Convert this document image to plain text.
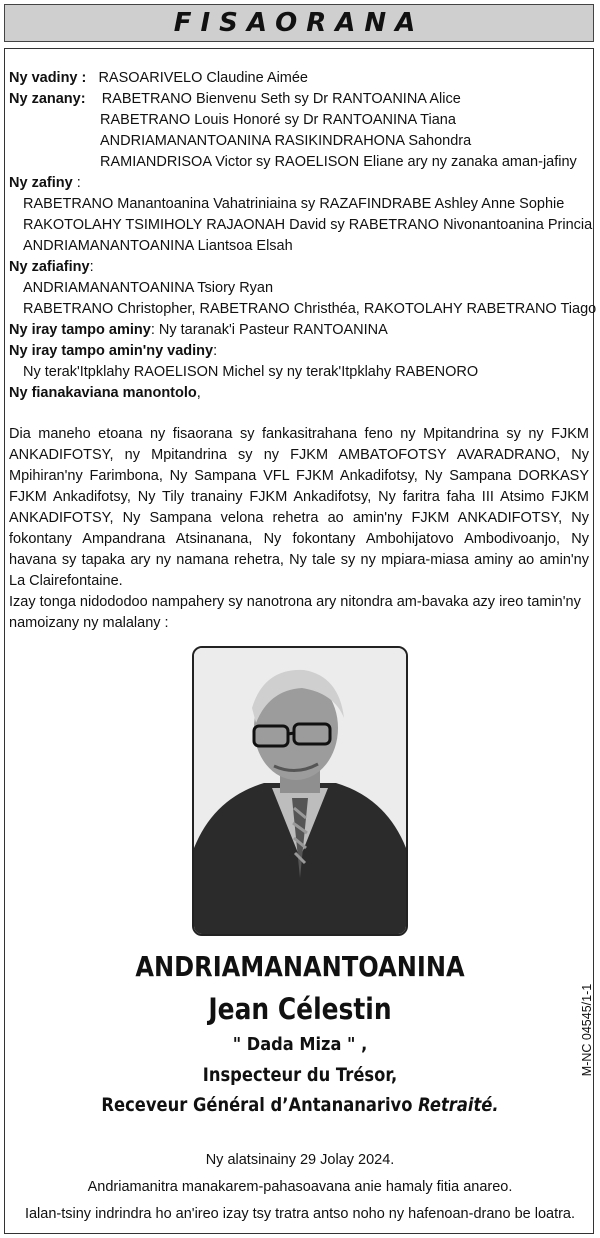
FISAORANA
Ny vadiny : RASOARIVELO Claudine Aimée
Ny zanany: RABETRANO Bienvenu Seth sy Dr RANTOANINA Alice
RABETRANO Louis Honoré sy Dr RANTOANINA Tiana
ANDRIAMANANTOANINA RASIKINDRAHONA Sahondra
RAMIANDRISOA Victor sy RAOELISON Eliane ary ny zanaka aman-jafiny
Ny zafiny :
RABETRANO Manantoanina Vahatriniaina sy RAZAFINDRABE Ashley Anne Sophie
RAKOTOLAHY TSIMIHOLY RAJAONAH David sy RABETRANO Nivonantoanina Princia
ANDRIAMANANTOANINA Liantsoa Elsah
Ny zafiafiny:
ANDRIAMANANTOANINA Tsiory Ryan
RABETRANO Christopher, RABETRANO Christhéa, RAKOTOLAHY RABETRANO Tiago
Ny iray tampo aminy: Ny taranak'i Pasteur RANTOANINA
Ny iray tampo amin'ny vadiny:
Ny terak'Itpklahy RAOELISON Michel sy ny terak'Itpklahy RABENORO
Ny fianakaviana manontolo,

Dia maneho etoana ny fisaorana sy fankasitrahana feno ny Mpitandrina sy ny FJKM ANKADIFOTSY, ny Mpitandrina sy ny FJKM AMBATOFOTSY AVARADRANO, Ny Mpihiran'ny Farimbona, Ny Sampana VFL FJKM Ankadifotsy, Ny Sampana DORKASY FJKM Ankadifotsy, Ny Tily tranainy FJKM Ankadifotsy, Ny faritra faha III Atsimo FJKM ANKADIFOTSY, Ny Sampana velona rehetra ao amin'ny FJKM ANKADIFOTSY, Ny fokontany Ampandrana Atsinanana, Ny fokontany Ambohijatovo Ambodivoanjo, Ny havana sy tapaka ary ny namana rehetra, Ny tale sy ny mpiara-miasa aminy ao amin'ny La Clairefontaine.

Izay tonga nidododoo nampahery sy nanotrona ary nitondra am-bavaka azy ireo tamin'ny namoizany ny malalany :

ANDRIAMANANTOANINA
Jean Célestin
" Dada Miza " ,
Inspecteur du Trésor,
Receveur Général d’Antananarivo Retraité.
M-NC 04545/1-1
Ny alatsinainy 29 Jolay 2024.
Andriamanitra manakarem-pahasoavana anie hamaly fitia anareo.
Ialan-tsiny indrindra ho an'ireo izay tsy tratra antso noho ny hafenoan-drano be loatra.
